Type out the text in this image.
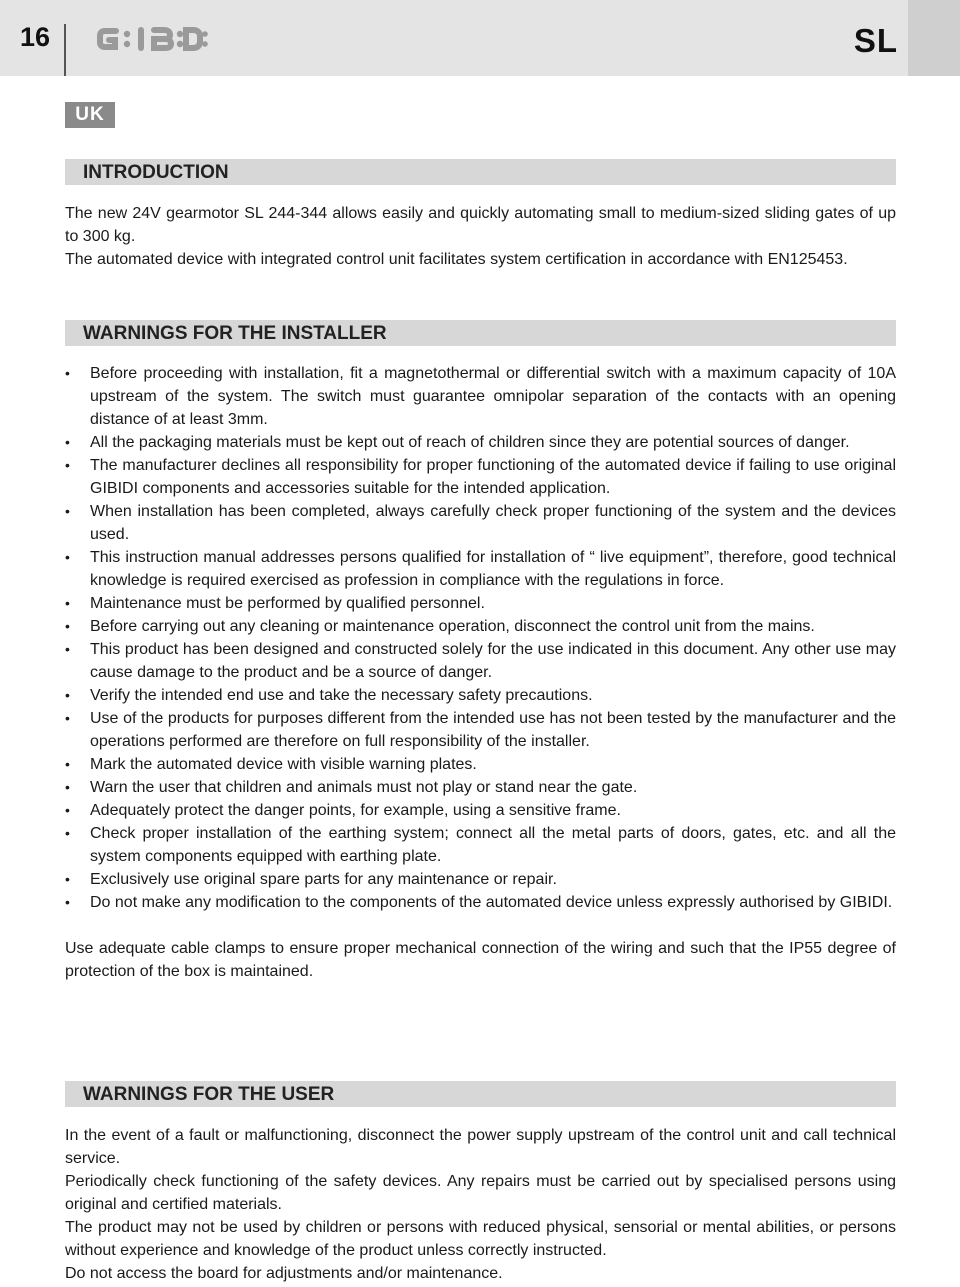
16	SL
UK
INTRODUCTION

The new 24V gearmotor SL 244-344 allows easily and quickly automating small to medium-sized sliding gates of up to 300 kg.

The automated device with integrated control unit facilitates system certification in accordance with EN125453.

WARNINGS FOR THE INSTALLER
• Before proceeding with installation, fit a magnetothermal or differential switch with a maximum capacity of 10A upstream of the system. The switch must guarantee omnipolar separation of the contacts with an opening distance of at least 3mm.
• All the packaging materials must be kept out of reach of children since they are potential sources of danger.
• The manufacturer declines all responsibility for proper functioning of the automated device if failing to use original GIBIDI components and accessories suitable for the intended application.
• When installation has been completed, always carefully check proper functioning of the system and the devices used.
• This instruction manual addresses persons qualified for installation of “ live equipment”, therefore, good technical knowledge is required exercised as profession in compliance with the regulations in force.
• Maintenance must be performed by qualified personnel.
• Before carrying out any cleaning or maintenance operation, disconnect the control unit from the mains.
• This product has been designed and constructed solely for the use indicated in this document. Any other use may cause damage to the product and be a source of danger.
• Verify the intended end use and take the necessary safety precautions.
• Use of the products for purposes different from the intended use has not been tested by the manufacturer and the operations performed are therefore on full responsibility of the installer.
• Mark the automated device with visible warning plates.
• Warn the user that children and animals must not play or stand near the gate.
• Adequately protect the danger points, for example, using a sensitive frame.
• Check proper installation of the earthing system; connect all the metal parts of doors, gates, etc. and all the system components equipped with earthing plate.
• Exclusively use original spare parts for any maintenance or repair.
• Do not make any modification to the components of the automated device unless expressly authorised by GIBIDI.

Use adequate cable clamps to ensure proper mechanical connection of the wiring and such that the IP55 degree of protection of the box is maintained.

WARNINGS FOR THE USER

In the event of a fault or malfunctioning, disconnect the power supply upstream of the control unit and call technical service.

Periodically check functioning of the safety devices. Any repairs must be carried out by specialised persons using original and certified materials.

The product may not be used by children or persons with reduced physical, sensorial or mental abilities, or persons without experience and knowledge of the product unless correctly instructed.

Do not access the board for adjustments and/or maintenance.
